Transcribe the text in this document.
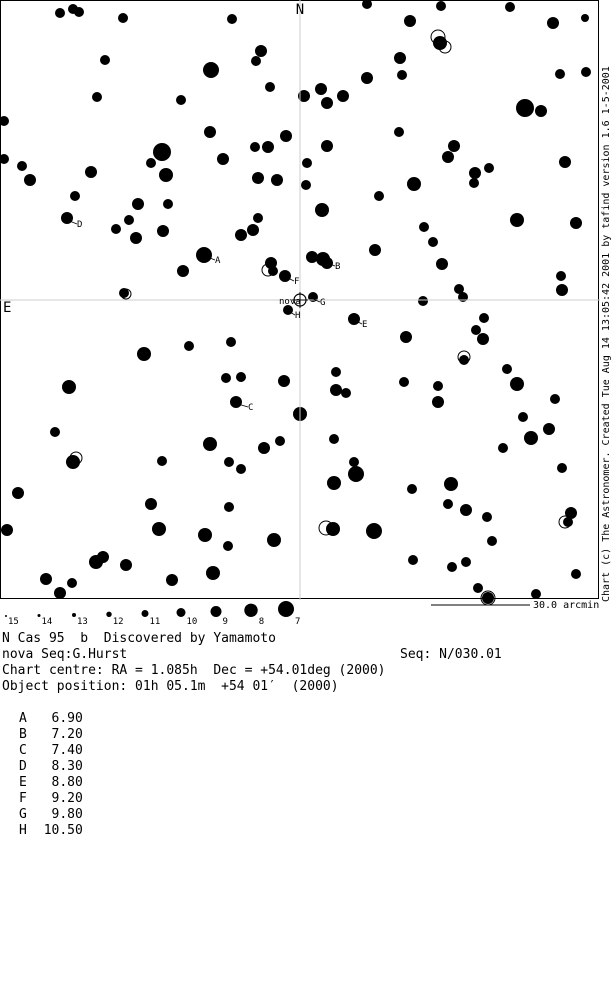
N
E	nova
A
B
C
D
E
F
G
H
30.0 arcmin
15	14	13	12	11	10	9	8	7
Chart (c) The Astronomer. Created Tue Aug 14 13:05:42 2001 by tafind version 1.6 1-5-2001
N Cas 95  b  Discovered by Yamamoto
nova Seq:G.Hurst	Seq: N/030.01
Chart centre: RA = 1.085h  Dec = +54.01deg (2000)
Object position: 01h 05.1m  +54 01′  (2000)
A 6.90
B 7.20
C 7.40
D 8.30
E 8.80
F 9.20
G 9.80
H 10.50
